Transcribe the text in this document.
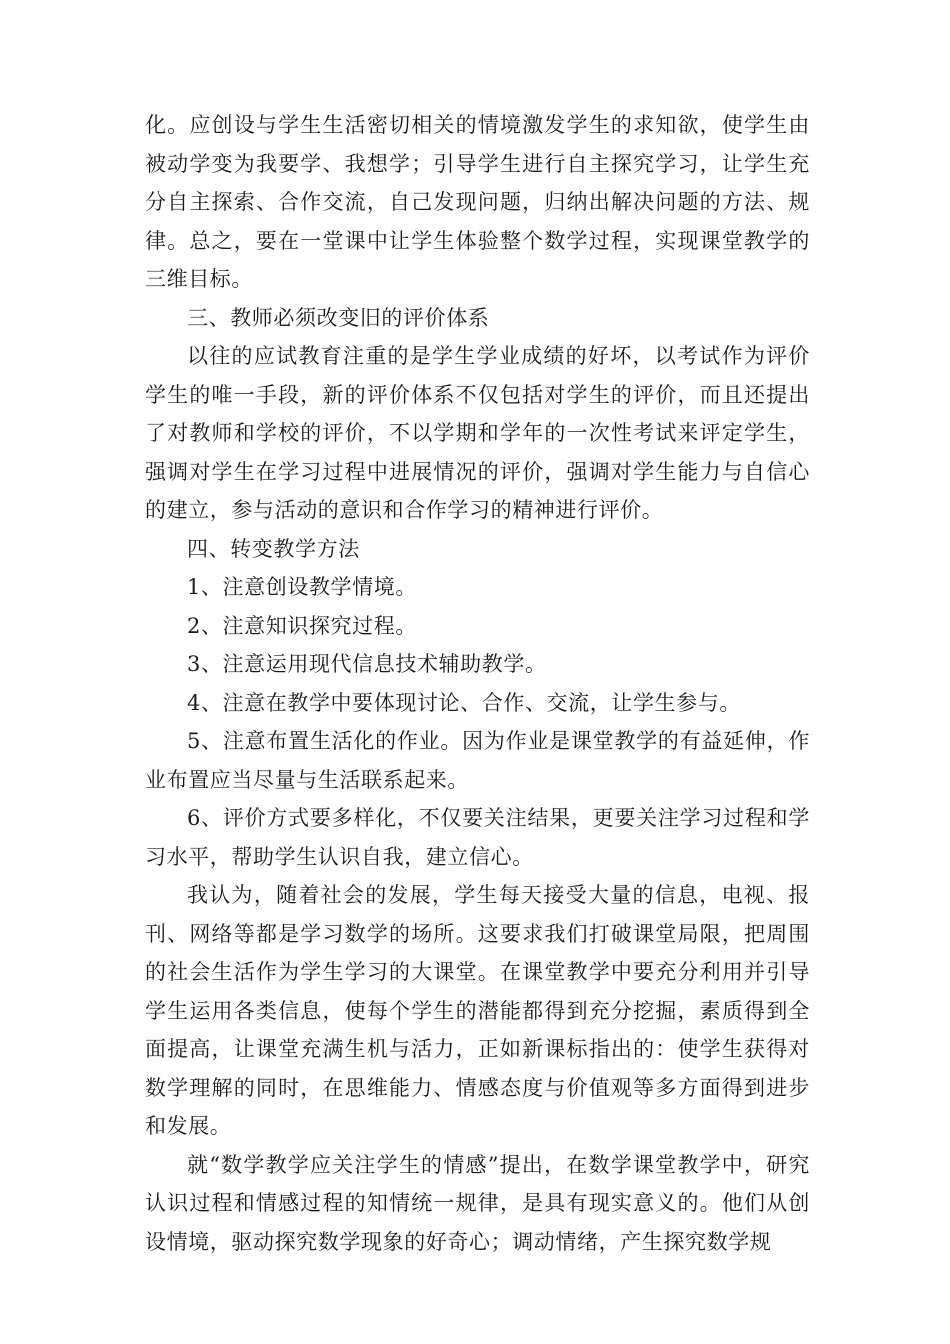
化。应创设与学生生活密切相关的情境激发学生的求知欲，使学生由被动学变为我要学、我想学；引导学生进行自主探究学习，让学生充分自主探索、合作交流，自己发现问题，归纳出解决问题的方法、规律。总之，要在一堂课中让学生体验整个数学过程，实现课堂教学的三维目标。

三、教师必须改变旧的评价体系

以往的应试教育注重的是学生学业成绩的好坏，以考试作为评价学生的唯一手段，新的评价体系不仅包括对学生的评价，而且还提出了对教师和学校的评价，不以学期和学年的一次性考试来评定学生，强调对学生在学习过程中进展情况的评价，强调对学生能力与自信心的建立，参与活动的意识和合作学习的精神进行评价。

四、转变教学方法

1、注意创设教学情境。

2、注意知识探究过程。

3、注意运用现代信息技术辅助教学。

4、注意在教学中要体现讨论、合作、交流，让学生参与。

5、注意布置生活化的作业。因为作业是课堂教学的有益延伸，作业布置应当尽量与生活联系起来。

6、评价方式要多样化，不仅要关注结果，更要关注学习过程和学习水平，帮助学生认识自我，建立信心。

我认为，随着社会的发展，学生每天接受大量的信息，电视、报刊、网络等都是学习数学的场所。这要求我们打破课堂局限，把周围的社会生活作为学生学习的大课堂。在课堂教学中要充分利用并引导学生运用各类信息，使每个学生的潜能都得到充分挖掘，素质得到全面提高，让课堂充满生机与活力，正如新课标指出的：使学生获得对数学理解的同时，在思维能力、情感态度与价值观等多方面得到进步和发展。

就“数学教学应关注学生的情感”提出，在数学课堂教学中，研究认识过程和情感过程的知情统一规律，是具有现实意义的。他们从创设情境，驱动探究数学现象的好奇心；调动情绪，产生探究数学规
